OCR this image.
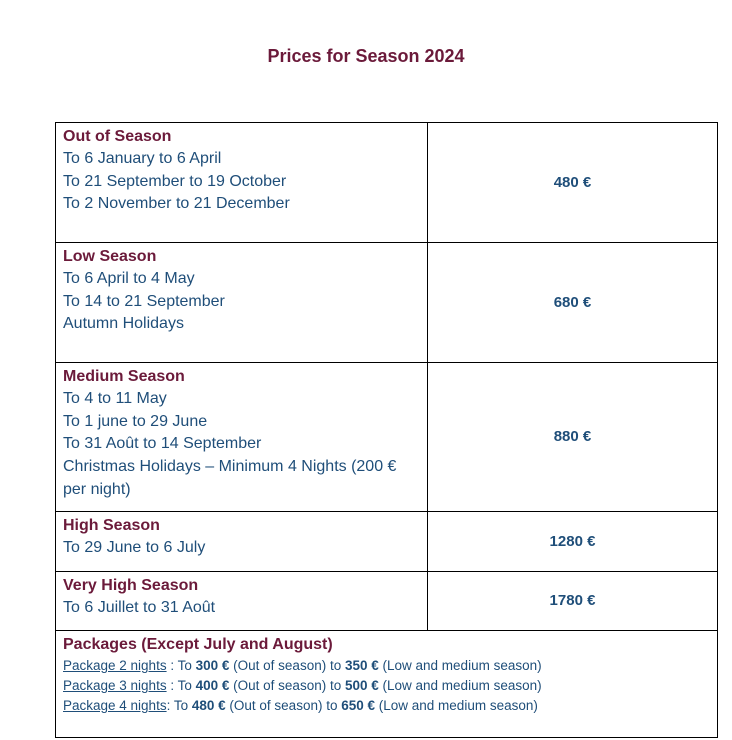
Prices for Season 2024
Out of Season
To 6 January to 6 April
To 21 September to 19 October
To 2 November to 21 December	480 €

Low Season
To 6 April to 4 May
To 14 to 21 September
Autumn Holidays	680 €

Medium Season
To 4 to 11 May
To 1 june to 29 June
To 31 Août to 14 September
Christmas Holidays – Minimum 4 Nights (200 € per night)	880 €

High Season
To 29 June to 6 July	1280 €

Very High Season
To 6 Juillet to 31 Août	1780 €

Packages (Except July and August)
Package 2 nights : To 300 € (Out of season) to 350 € (Low and medium season)
Package 3 nights : To 400 € (Out of season) to 500 € (Low and medium season)
Package 4 nights: To 480 € (Out of season) to 650 € (Low and medium season)	
